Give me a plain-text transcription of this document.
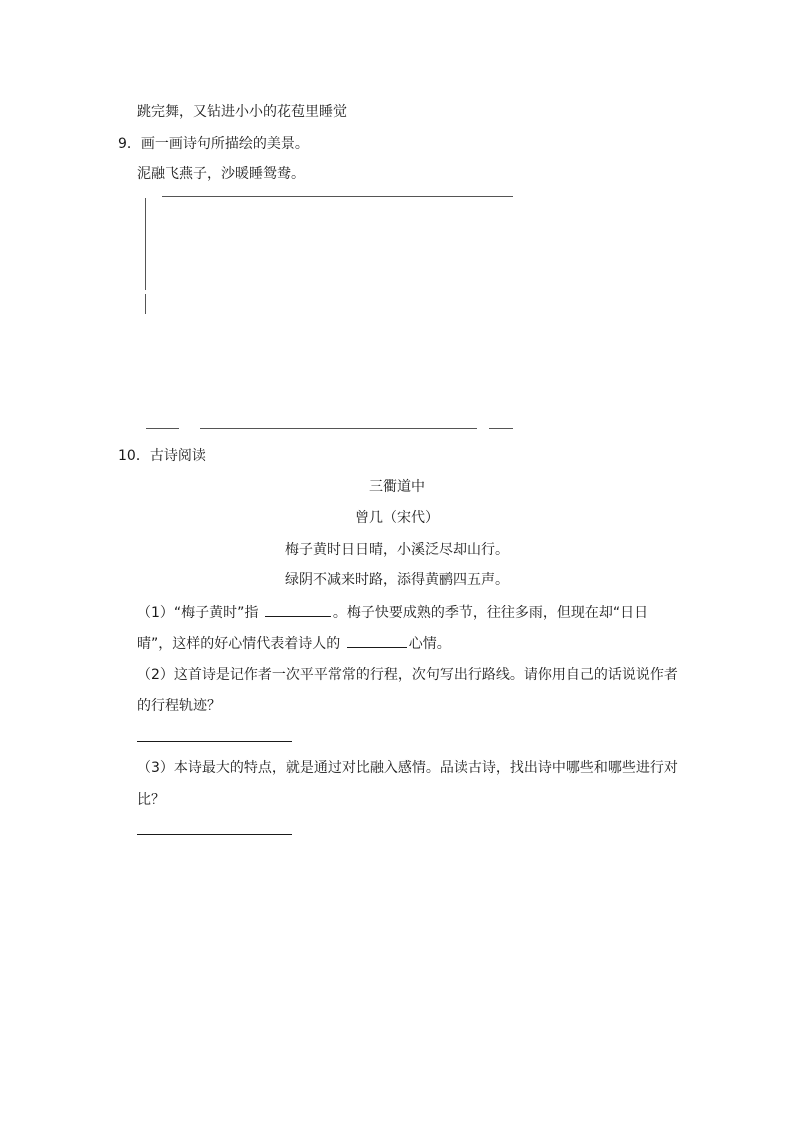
跳完舞，又钻进小小的花苞里睡觉
9．画一画诗句所描绘的美景。
泥融飞燕子，沙暖睡鸳鸯。
10．古诗阅读
三衢道中
曾几（宋代）
梅子黄时日日晴，小溪泛尽却山行。
绿阴不减来时路，添得黄鹂四五声。
（1）“梅子黄时”指	。梅子快要成熟的季节，往往多雨，但现在却“日日
晴”，这样的好心情代表着诗人的	心情。
（2）这首诗是记作者一次平平常常的行程，次句写出行路线。请你用自己的话说说作者
的行程轨迹？
（3）本诗最大的特点，就是通过对比融入感情。品读古诗，找出诗中哪些和哪些进行对
比？
